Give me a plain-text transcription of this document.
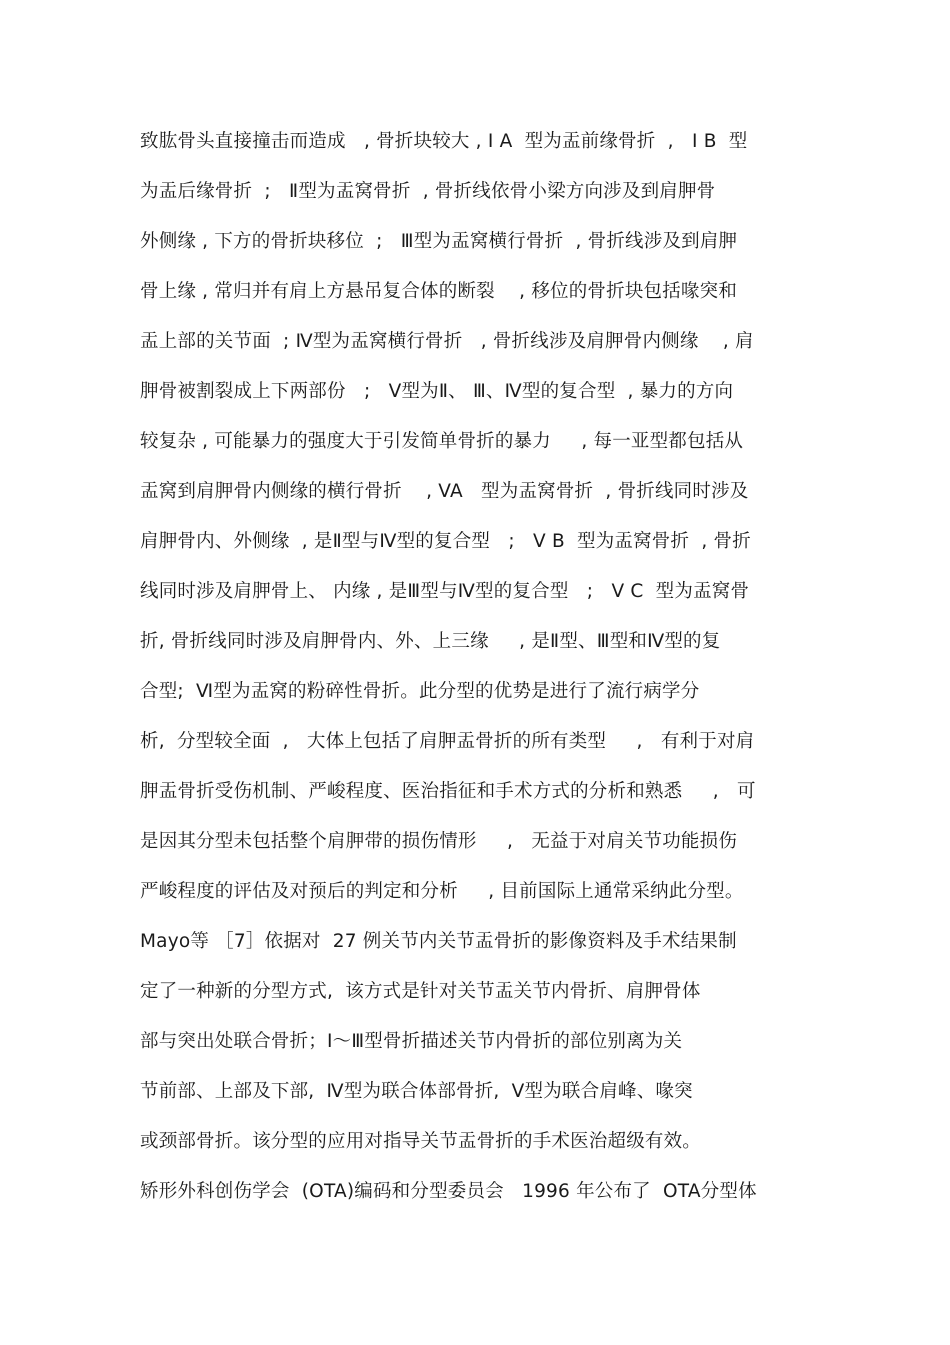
致肱骨头直接撞击而造成   , 骨折块较大 , Ⅰ A  型为盂前缘骨折  ,   Ⅰ B  型
为盂后缘骨折  ;   Ⅱ型为盂窝骨折  , 骨折线依骨小梁方向涉及到肩胛骨
外侧缘 , 下方的骨折块移位  ;   Ⅲ型为盂窝横行骨折  , 骨折线涉及到肩胛
骨上缘 , 常归并有肩上方悬吊复合体的断裂    , 移位的骨折块包括喙突和
盂上部的关节面  ; Ⅳ型为盂窝横行骨折   , 骨折线涉及肩胛骨内侧缘    , 肩
胛骨被割裂成上下两部份   ;   Ⅴ型为Ⅱ、 Ⅲ、Ⅳ型的复合型  , 暴力的方向
较复杂 , 可能暴力的强度大于引发简单骨折的暴力     , 每一亚型都包括从
盂窝到肩胛骨内侧缘的横行骨折    , VA   型为盂窝骨折  , 骨折线同时涉及
肩胛骨内、外侧缘  , 是Ⅱ型与Ⅳ型的复合型   ;   Ⅴ B  型为盂窝骨折  , 骨折
线同时涉及肩胛骨上、 内缘 , 是Ⅲ型与Ⅳ型的复合型   ;   Ⅴ C  型为盂窝骨
折, 骨折线同时涉及肩胛骨内、外、上三缘     , 是Ⅱ型、Ⅲ型和Ⅳ型的复
合型;  Ⅵ型为盂窝的粉碎性骨折。此分型的优势是进行了流行病学分
析,  分型较全面  ,   大体上包括了肩胛盂骨折的所有类型     ,   有利于对肩
胛盂骨折受伤机制、严峻程度、医治指征和手术方式的分析和熟悉     ,   可
是因其分型未包括整个肩胛带的损伤情形     ,   无益于对肩关节功能损伤
严峻程度的评估及对预后的判定和分析     , 目前国际上通常采纳此分型。
Mayo等 ［7］依据对  27 例关节内关节盂骨折的影像资料及手术结果制
定了一种新的分型方式,  该方式是针对关节盂关节内骨折、肩胛骨体
部与突出处联合骨折；Ⅰ～Ⅲ型骨折描述关节内骨折的部位别离为关
节前部、上部及下部,  Ⅳ型为联合体部骨折,  Ⅴ型为联合肩峰、喙突
或颈部骨折。该分型的应用对指导关节盂骨折的手术医治超级有效。
矫形外科创伤学会  (OTA)编码和分型委员会   1996 年公布了  OTA分型体
